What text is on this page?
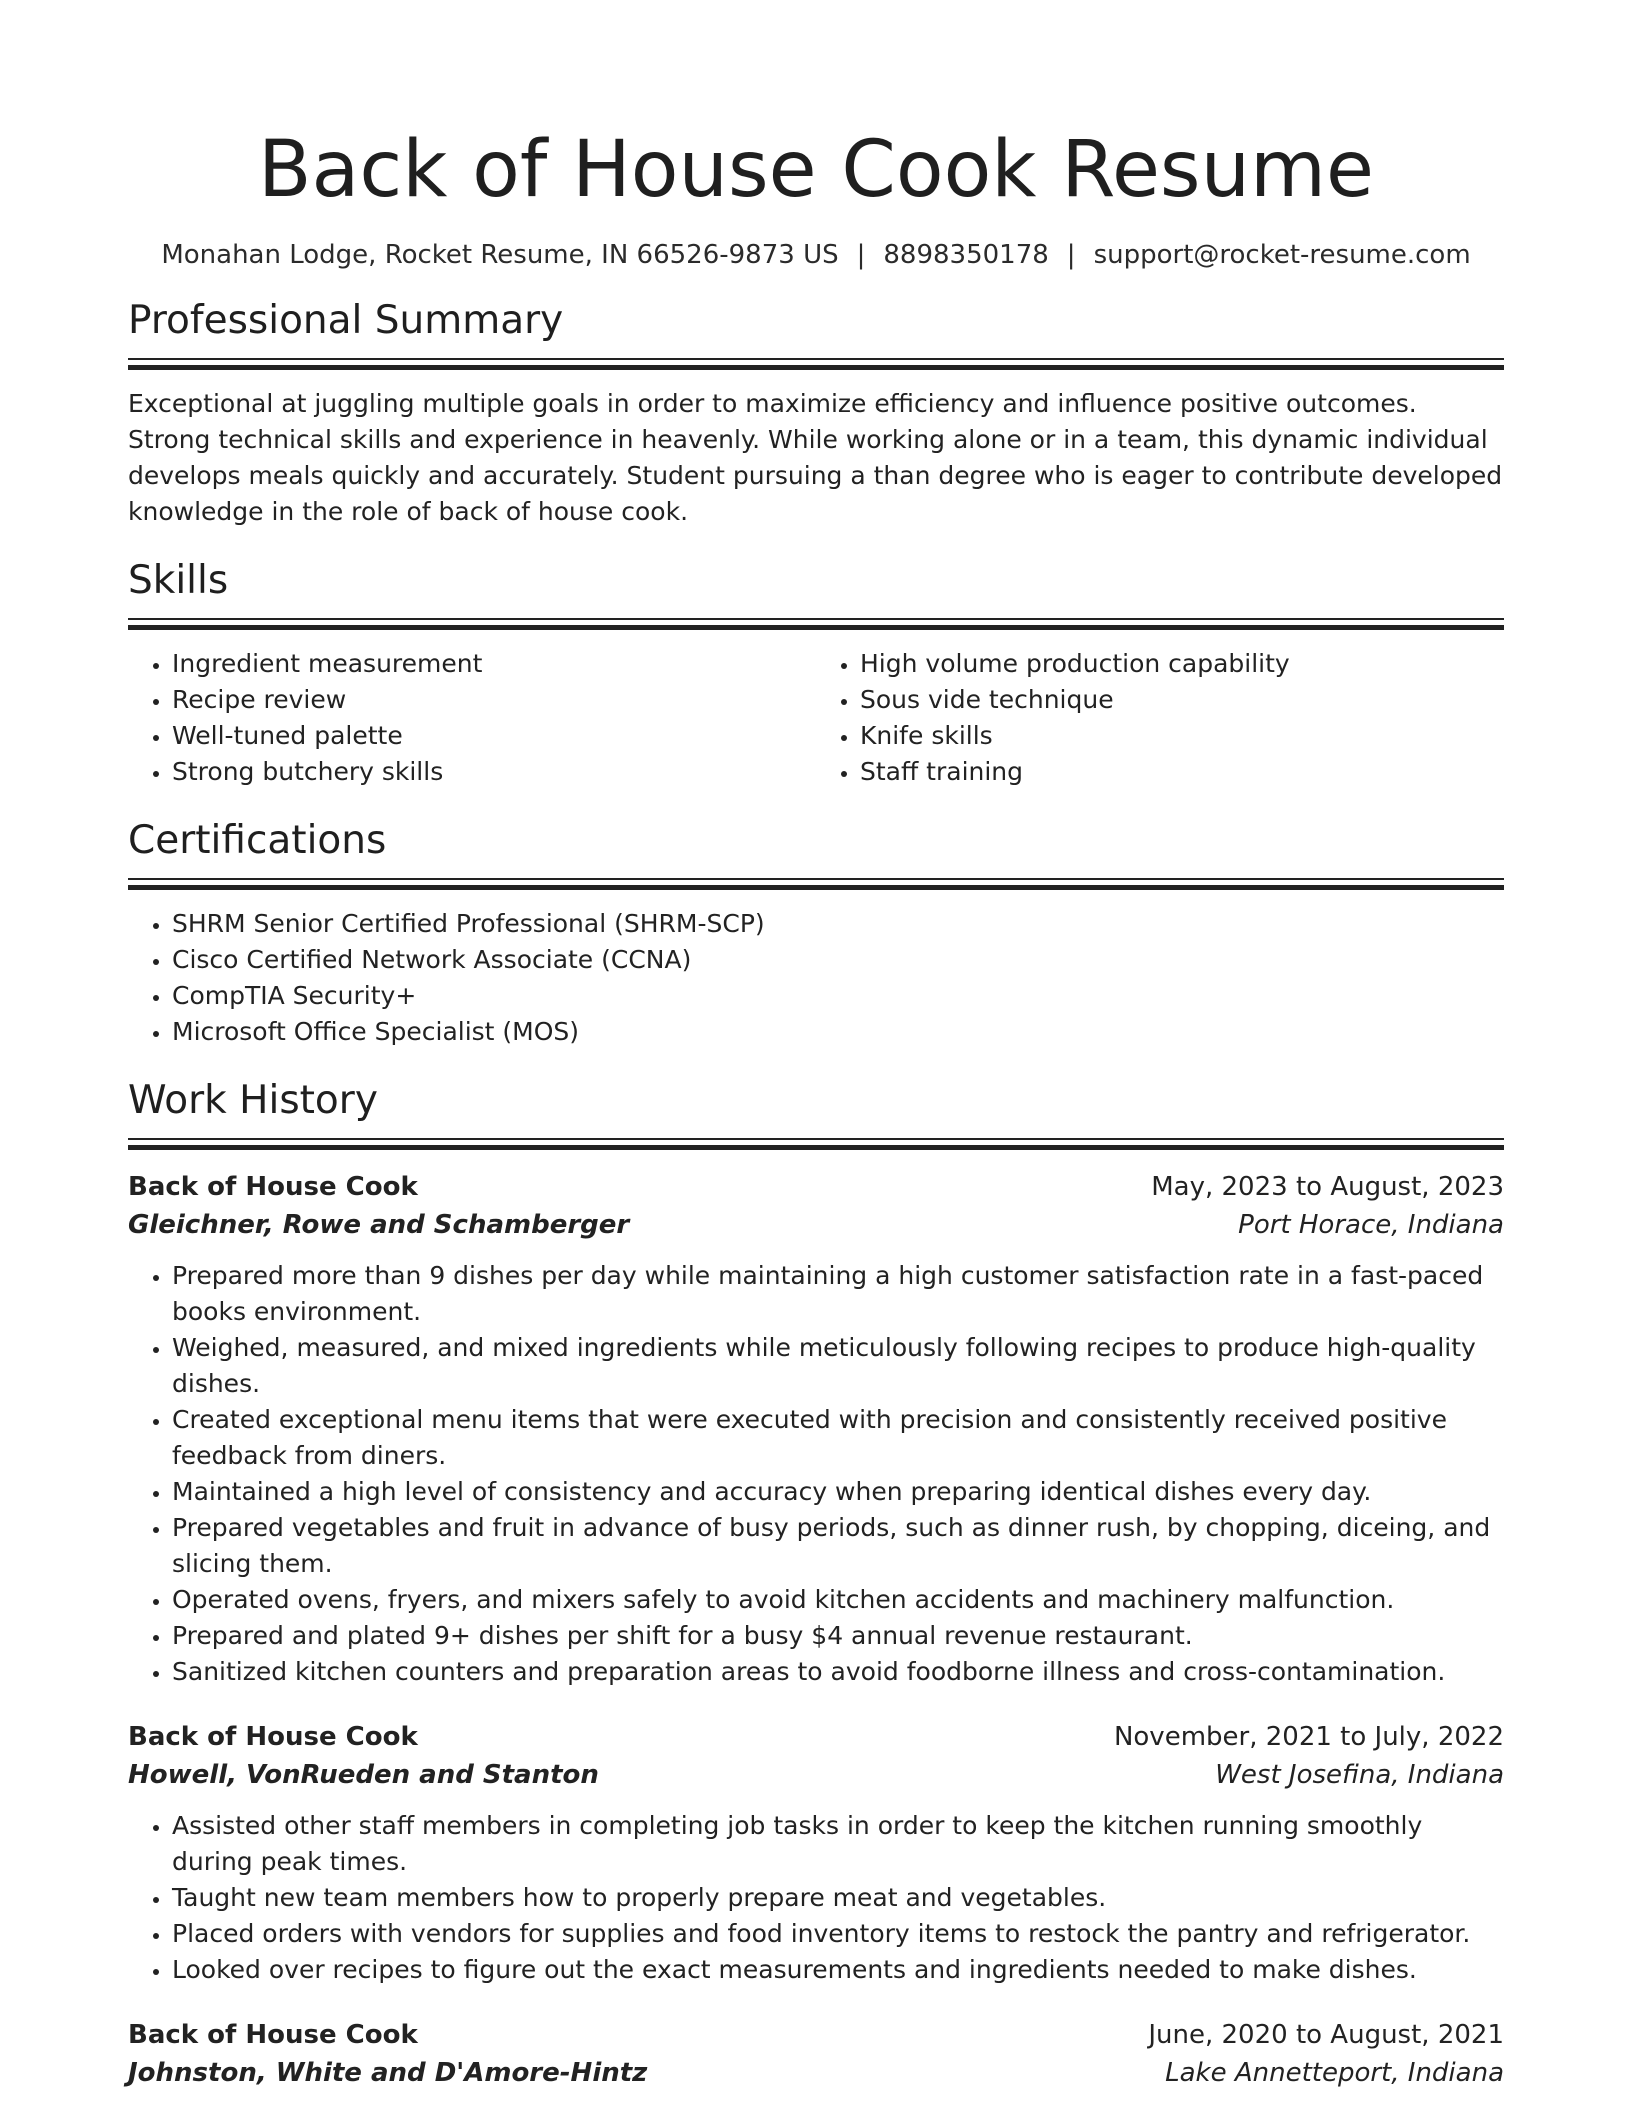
Back of House Cook Resume
Monahan Lodge, Rocket Resume, IN 66526-9873 US | 8898350178 | support@rocket-resume.com
Professional Summary
Exceptional at juggling multiple goals in order to maximize efficiency and influence positive outcomes. Strong technical skills and experience in heavenly. While working alone or in a team, this dynamic individual develops meals quickly and accurately. Student pursuing a than degree who is eager to contribute developed knowledge in the role of back of house cook.
Skills
• Ingredient measurement
• Recipe review
• Well-tuned palette
• Strong butchery skills
• High volume production capability
• Sous vide technique
• Knife skills
• Staff training
Certifications
• SHRM Senior Certified Professional (SHRM-SCP)
• Cisco Certified Network Associate (CCNA)
• CompTIA Security+
• Microsoft Office Specialist (MOS)
Work History
Back of House Cook	May, 2023 to August, 2023
Gleichner, Rowe and Schamberger	Port Horace, Indiana
• Prepared more than 9 dishes per day while maintaining a high customer satisfaction rate in a fast-paced books environment.
• Weighed, measured, and mixed ingredients while meticulously following recipes to produce high-quality dishes.
• Created exceptional menu items that were executed with precision and consistently received positive feedback from diners.
• Maintained a high level of consistency and accuracy when preparing identical dishes every day.
• Prepared vegetables and fruit in advance of busy periods, such as dinner rush, by chopping, diceing, and slicing them.
• Operated ovens, fryers, and mixers safely to avoid kitchen accidents and machinery malfunction.
• Prepared and plated 9+ dishes per shift for a busy $4 annual revenue restaurant.
• Sanitized kitchen counters and preparation areas to avoid foodborne illness and cross-contamination.
Back of House Cook	November, 2021 to July, 2022
Howell, VonRueden and Stanton	West Josefina, Indiana
• Assisted other staff members in completing job tasks in order to keep the kitchen running smoothly during peak times.
• Taught new team members how to properly prepare meat and vegetables.
• Placed orders with vendors for supplies and food inventory items to restock the pantry and refrigerator.
• Looked over recipes to figure out the exact measurements and ingredients needed to make dishes.
Back of House Cook	June, 2020 to August, 2021
Johnston, White and D'Amore-Hintz	Lake Annetteport, Indiana
